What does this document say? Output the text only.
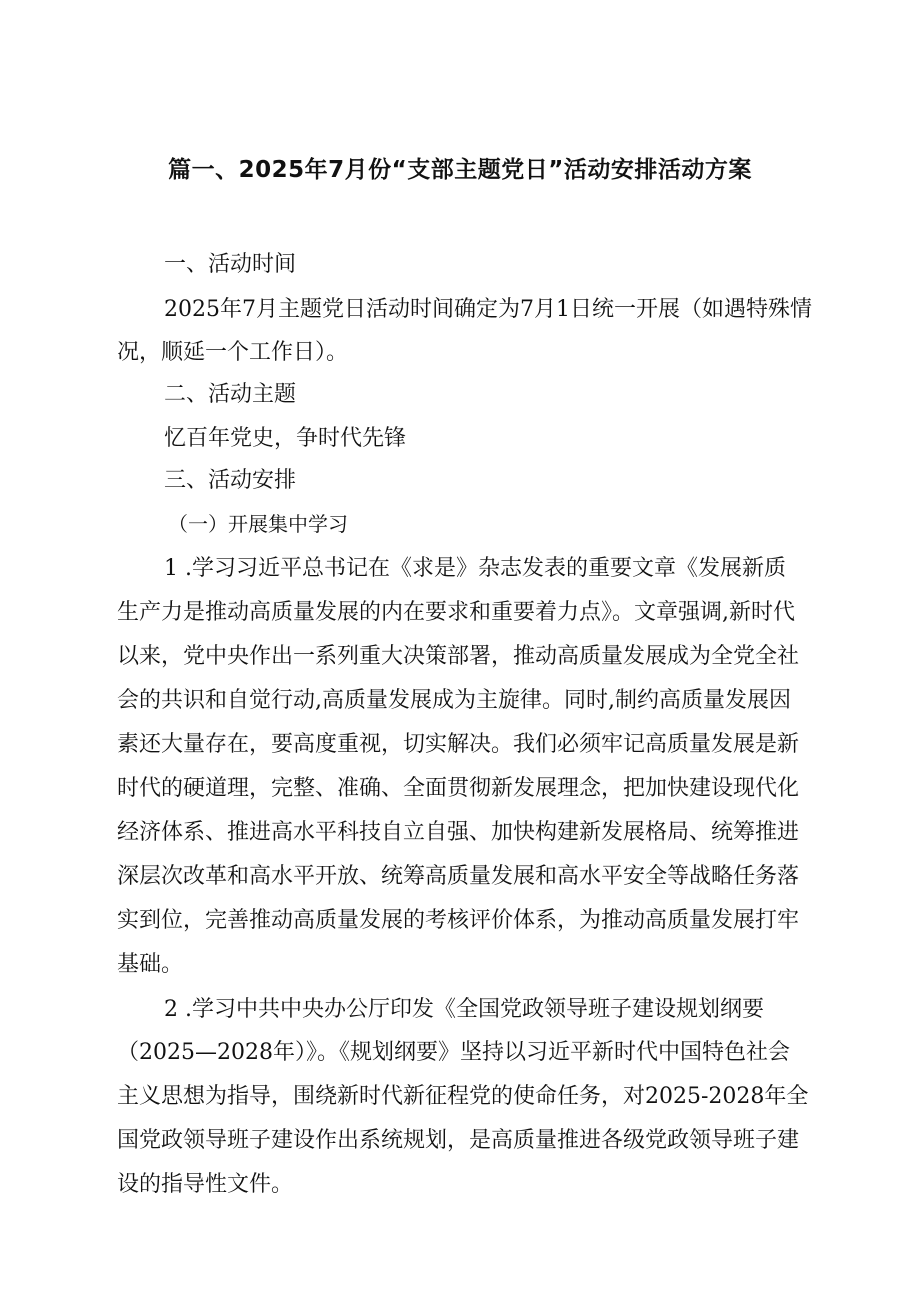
篇一、2025年7月份“支部主题党日”活动安排活动方案
一、活动时间
2025年7月主题党日活动时间确定为7月1日统一开展（如遇特殊情
况，顺延一个工作日）。
二、活动主题
忆百年党史，争时代先锋
三、活动安排
（一）开展集中学习
1 .学习习近平总书记在《求是》杂志发表的重要文章《发展新质
生产力是推动高质量发展的内在要求和重要着力点》。文章强调,新时代
以来，党中央作出一系列重大决策部署，推动高质量发展成为全党全社
会的共识和自觉行动,高质量发展成为主旋律。同时,制约高质量发展因
素还大量存在，要高度重视，切实解决。我们必须牢记高质量发展是新
时代的硬道理，完整、准确、全面贯彻新发展理念，把加快建设现代化
经济体系、推进高水平科技自立自强、加快构建新发展格局、统筹推进
深层次改革和高水平开放、统筹高质量发展和高水平安全等战略任务落
实到位，完善推动高质量发展的考核评价体系，为推动高质量发展打牢
基础。
2 .学习中共中央办公厅印发《全国党政领导班子建设规划纲要
（2025—2028年）》。《规划纲要》坚持以习近平新时代中国特色社会
主义思想为指导，围绕新时代新征程党的使命任务，对2025-2028年全
国党政领导班子建设作出系统规划，是高质量推进各级党政领导班子建
设的指导性文件。
